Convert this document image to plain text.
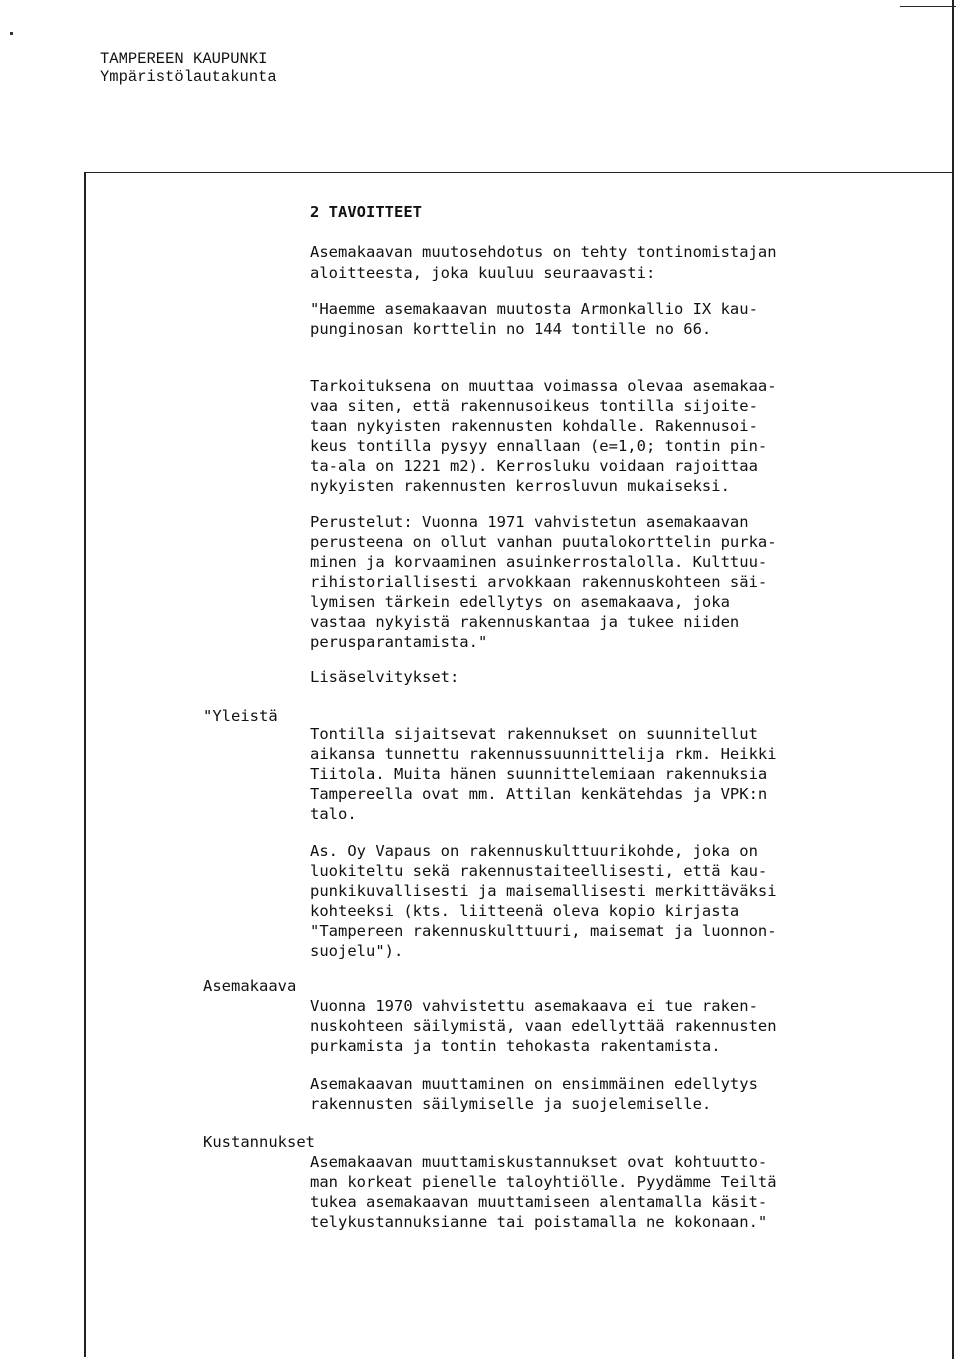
TAMPEREEN KAUPUNKI
Ympäristölautakunta
2 TAVOITTEET
Asemakaavan muutosehdotus on tehty tontinomistajan
aloitteesta, joka kuuluu seuraavasti:
"Haemme asemakaavan muutosta Armonkallio IX kau-
punginosan korttelin no 144 tontille no 66.
Tarkoituksena on muuttaa voimassa olevaa asemakaa-
vaa siten, että rakennusoikeus tontilla sijoite-
taan nykyisten rakennusten kohdalle. Rakennusoi-
keus tontilla pysyy ennallaan (e=1,0; tontin pin-
ta-ala on 1221 m2). Kerrosluku voidaan rajoittaa
nykyisten rakennusten kerrosluvun mukaiseksi.
Perustelut: Vuonna 1971 vahvistetun asemakaavan
perusteena on ollut vanhan puutalokorttelin purka-
minen ja korvaaminen asuinkerrostalolla. Kulttuu-
rihistoriallisesti arvokkaan rakennuskohteen säi-
lymisen tärkein edellytys on asemakaava, joka
vastaa nykyistä rakennuskantaa ja tukee niiden
perusparantamista."
Lisäselvitykset:
"Yleistä
Tontilla sijaitsevat rakennukset on suunnitellut
aikansa tunnettu rakennussuunnittelija rkm. Heikki
Tiitola. Muita hänen suunnittelemiaan rakennuksia
Tampereella ovat mm. Attilan kenkätehdas ja VPK:n
talo.
As. Oy Vapaus on rakennuskulttuurikohde, joka on
luokiteltu sekä rakennustaiteellisesti, että kau-
punkikuvallisesti ja maisemallisesti merkittäväksi
kohteeksi (kts. liitteenä oleva kopio kirjasta
"Tampereen rakennuskulttuuri, maisemat ja luonnon-
suojelu").
Asemakaava
Vuonna 1970 vahvistettu asemakaava ei tue raken-
nuskohteen säilymistä, vaan edellyttää rakennusten
purkamista ja tontin tehokasta rakentamista.
Asemakaavan muuttaminen on ensimmäinen edellytys
rakennusten säilymiselle ja suojelemiselle.
Kustannukset
Asemakaavan muuttamiskustannukset ovat kohtuutto-
man korkeat pienelle taloyhtiölle. Pyydämme Teiltä
tukea asemakaavan muuttamiseen alentamalla käsit-
telykustannuksianne tai poistamalla ne kokonaan."
